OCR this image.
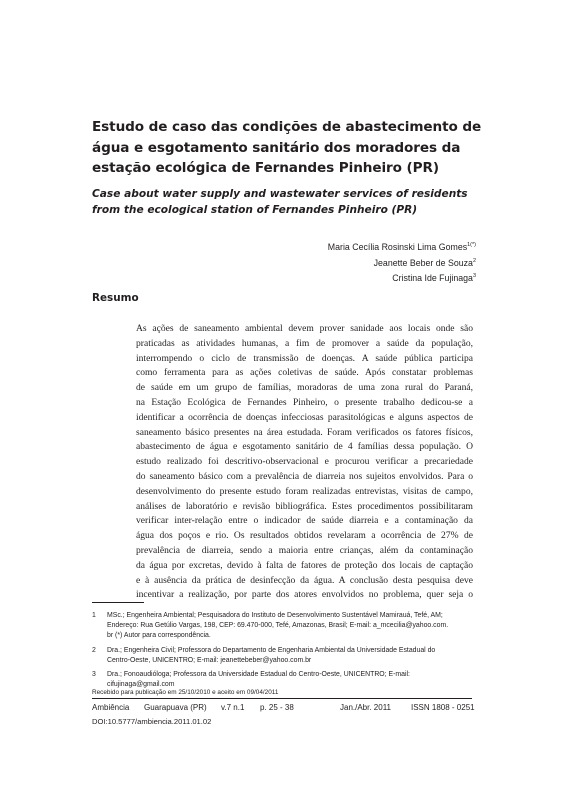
Estudo de caso das condições de abastecimento de água e esgotamento sanitário dos moradores da estação ecológica de Fernandes Pinheiro (PR)
Case about water supply and wastewater services of residents from the ecological station of Fernandes Pinheiro (PR)
Maria Cecília Rosinski Lima Gomes$^{1(*)}$
Jeanette Beber de Souza$^2$
Cristina Ide Fujinaga$^3$
Resumo
As ações de saneamento ambiental devem prover sanidade aos locais onde são
praticadas as atividades humanas, a fim de promover a saúde da população,
interrompendo o ciclo de transmissão de doenças. A saúde pública participa
como ferramenta para as ações coletivas de saúde. Após constatar problemas
de saúde em um grupo de famílias, moradoras de uma zona rural do Paraná,
na Estação Ecológica de Fernandes Pinheiro, o presente trabalho dedicou-se a
identificar a ocorrência de doenças infecciosas parasitológicas e alguns aspectos de
saneamento básico presentes na área estudada. Foram verificados os fatores físicos,
abastecimento de água e esgotamento sanitário de 4 famílias dessa população. O
estudo realizado foi descritivo-observacional e procurou verificar a precariedade
do saneamento básico com a prevalência de diarreia nos sujeitos envolvidos. Para o
desenvolvimento do presente estudo foram realizadas entrevistas, visitas de campo,
análises de laboratório e revisão bibliográfica. Estes procedimentos possibilitaram
verificar inter-relação entre o indicador de saúde diarreia e a contaminação da
água dos poços e rio. Os resultados obtidos revelaram a ocorrência de 27% de
prevalência de diarreia, sendo a maioria entre crianças, além da contaminação
da água por excretas, devido à falta de fatores de proteção dos locais de captação
e à ausência da prática de desinfecção da água. A conclusão desta pesquisa deve
incentivar a realização, por parte dos atores envolvidos no problema, quer seja o
1 MSc.; Engenheira Ambiental; Pesquisadora do Instituto de Desenvolvimento Sustentável Mamirauá, Tefé, AM;
Endereço: Rua Getúlio Vargas, 198, CEP: 69.470-000, Tefé, Amazonas, Brasil; E-mail: a_mcecilia@yahoo.com.
br (*) Autor para correspondência.
2 Dra.; Engenheira Civil; Professora do Departamento de Engenharia Ambiental da Universidade Estadual do
Centro-Oeste, UNICENTRO; E-mail: jeanettebeber@yahoo.com.br
3 Dra.; Fonoaudióloga; Professora da Universidade Estadual do Centro-Oeste, UNICENTRO; E-mail:
cifujinaga@gmail.com
Recebido para publicação em 25/10/2010 e aceito em 09/04/2011
Ambiência Guarapuava (PR) v.7 n.1 p. 25 - 38	Jan./Abr. 2011	ISSN 1808 - 0251
DOI:10.5777/ambiencia.2011.01.02
